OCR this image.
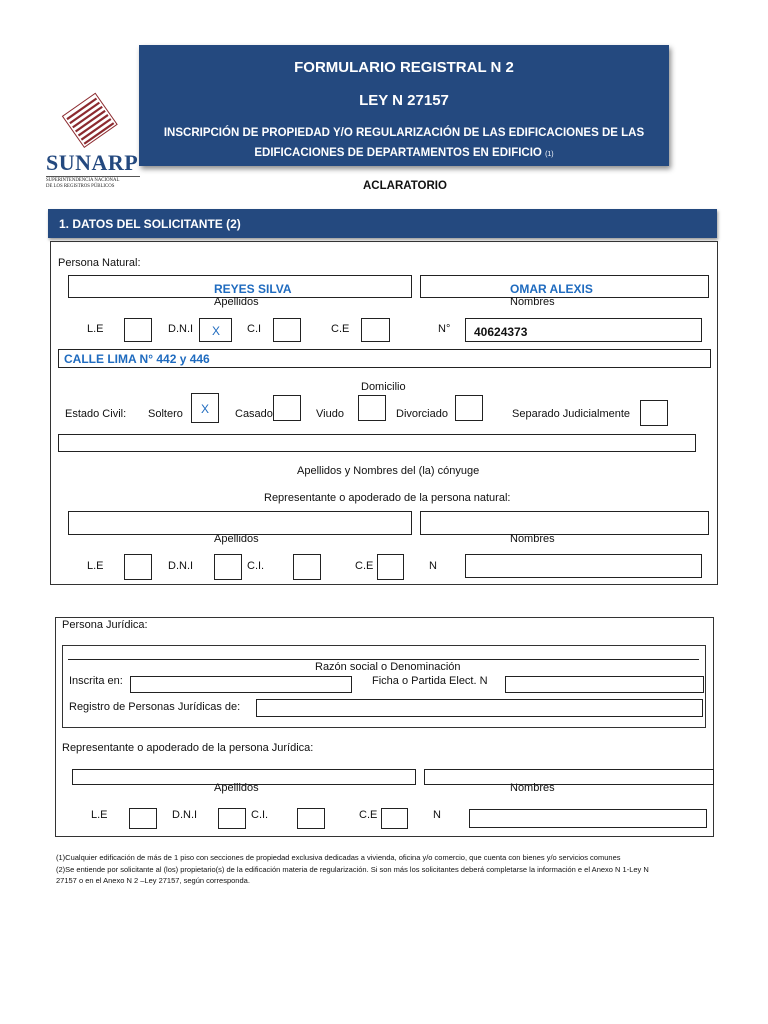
SUNARP
SUPERINTENDENCIA NACIONAL
DE LOS REGISTROS PÚBLICOS
FORMULARIO REGISTRAL N 2
LEY N 27157
INSCRIPCIÓN DE PROPIEDAD Y/O REGULARIZACIÓN DE LAS EDIFICACIONES DE LAS
EDIFICACIONES DE DEPARTAMENTOS EN EDIFICIO (1)
ACLARATORIO
1. DATOS DEL SOLICITANTE (2)
Persona Natural:
REYES SILVA	OMAR ALEXIS
Apellidos	Nombres
L.E	D.N.I X C.I	C.E	N° 40624373
CALLE LIMA N° 442 y 446
Domicilio
Estado Civil: Soltero X Casado	Viudo	Divorciado	Separado Judicialmente
Apellidos y Nombres del (la) cónyuge
Representante o apoderado de la persona natural:
Apellidos	Nombres
L.E	D.N.I	C.I.	C.E	N
Persona Jurídica:
Razón social o Denominación
Inscrita en:	Ficha o Partida Elect. N
Registro de Personas Jurídicas de:
Representante o apoderado de la persona Jurídica:
Apellidos	Nombres
L.E	D.N.I	C.I.	C.E	N
(1)Cualquier edificación de más de 1 piso con secciones de propiedad exclusiva dedicadas a vivienda, oficina y/o comercio, que cuenta con bienes y/o servicios comunes
(2)Se entiende por solicitante al (los) propietario(s) de la edificación materia de regularización. Si son más los solicitantes deberá completarse la información e el Anexo N 1-Ley N
27157 o en el Anexo N 2 –Ley 27157, según corresponda.
